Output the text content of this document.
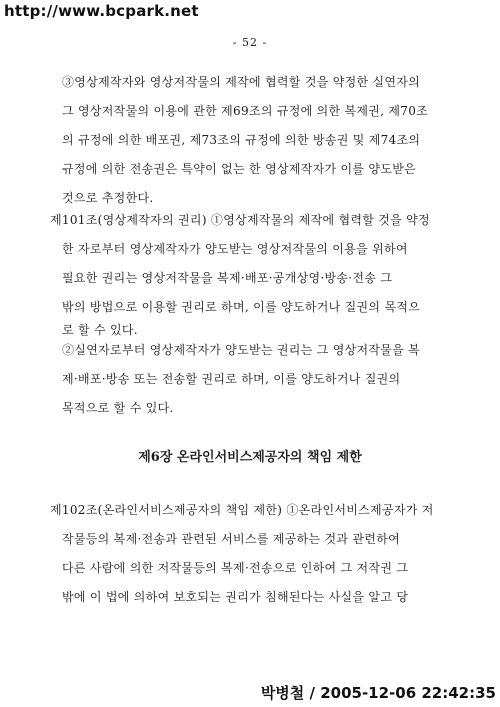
http://www.bcpark.net
- 52 -
③영상제작자와 영상저작물의 제작에 협력할 것을 약정한 실연자의
그 영상저작물의 이용에 관한 제69조의 규정에 의한 복제권, 제70조
의 규정에 의한 배포권, 제73조의 규정에 의한 방송권 및 제74조의
규정에 의한 전송권은 특약이 없는 한 영상제작자가 이를 양도받은
것으로 추정한다.
제101조(영상제작자의 권리) ①영상제작물의 제작에 협력할 것을 약정
한 자로부터 영상제작자가 양도받는 영상저작물의 이용을 위하여
필요한 권리는 영상저작물을 복제·배포·공개상영·방송·전송 그
밖의 방법으로 이용할 권리로 하며, 이를 양도하거나 질권의 목적으
로 할 수 있다.
②실연자로부터 영상제작자가 양도받는 권리는 그 영상저작물을 복
제·배포·방송 또는 전송할 권리로 하며, 이를 양도하거나 질권의
제6장 온라인서비스제공자의 책임 제한
제102조(온라인서비스제공자의 책임 제한) ①온라인서비스제공자가 저
작물등의 복제·전송과 관련된 서비스를 제공하는 것과 관련하여
다른 사람에 의한 저작물등의 복제·전송으로 인하여 그 저작권 그
밖에 이 법에 의하여 보호되는 권리가 침해된다는 사실을 알고 당
박병철 / 2005-12-06 22:42:35
목적으로 할 수 있다.
